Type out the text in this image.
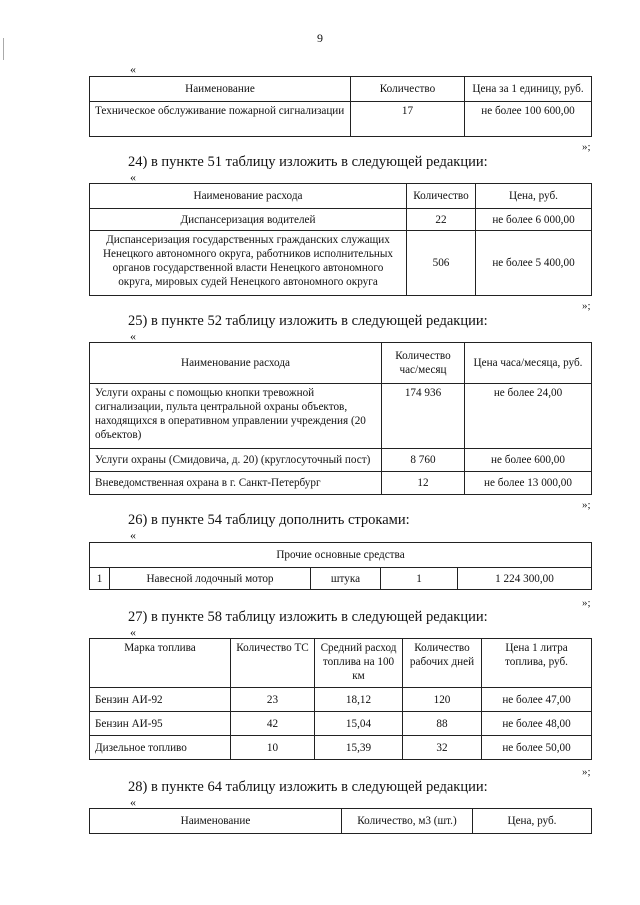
9
«
Наименование	Количество	Цена за 1 единицу, руб.
Техническое обслуживание пожарной сигнализации	17	не более 100 600,00
»;
24) в пункте 51 таблицу изложить в следующей редакции:
«
Наименование расхода	Количество	Цена, руб.
Диспансеризация водителей	22	не более 6 000,00
Диспансеризация государственных гражданских служащих Ненецкого автономного округа, работников исполнительных органов государственной власти Ненецкого автономного округа, мировых судей Ненецкого автономного округа	506	не более 5 400,00
»;
25) в пункте 52 таблицу изложить в следующей редакции:
«
Наименование расхода	Количество час/месяц	Цена часа/месяца, руб.
Услуги охраны с помощью кнопки тревожной сигнализации, пульта центральной охраны объектов, находящихся в оперативном управлении учреждения (20 объектов)	174 936	не более 24,00
Услуги охраны (Смидовича, д. 20) (круглосуточный пост)	8 760	не более 600,00
Вневедомственная охрана в г. Санкт-Петербург	12	не более 13 000,00
»;
26) в пункте 54 таблицу дополнить строками:
«
Прочие основные средства
1	Навесной лодочный мотор	штука	1	1 224 300,00
»;
27) в пункте 58 таблицу изложить в следующей редакции:
«
Марка топлива	Количество ТС	Средний расход топлива на 100 км	Количество рабочих дней	Цена 1 литра топлива, руб.
Бензин АИ-92	23	18,12	120	не более 47,00
Бензин АИ-95	42	15,04	88	не более 48,00
Дизельное топливо	10	15,39	32	не более 50,00
»;
28) в пункте 64 таблицу изложить в следующей редакции:
«
Наименование	Количество, м3 (шт.)	Цена, руб.
